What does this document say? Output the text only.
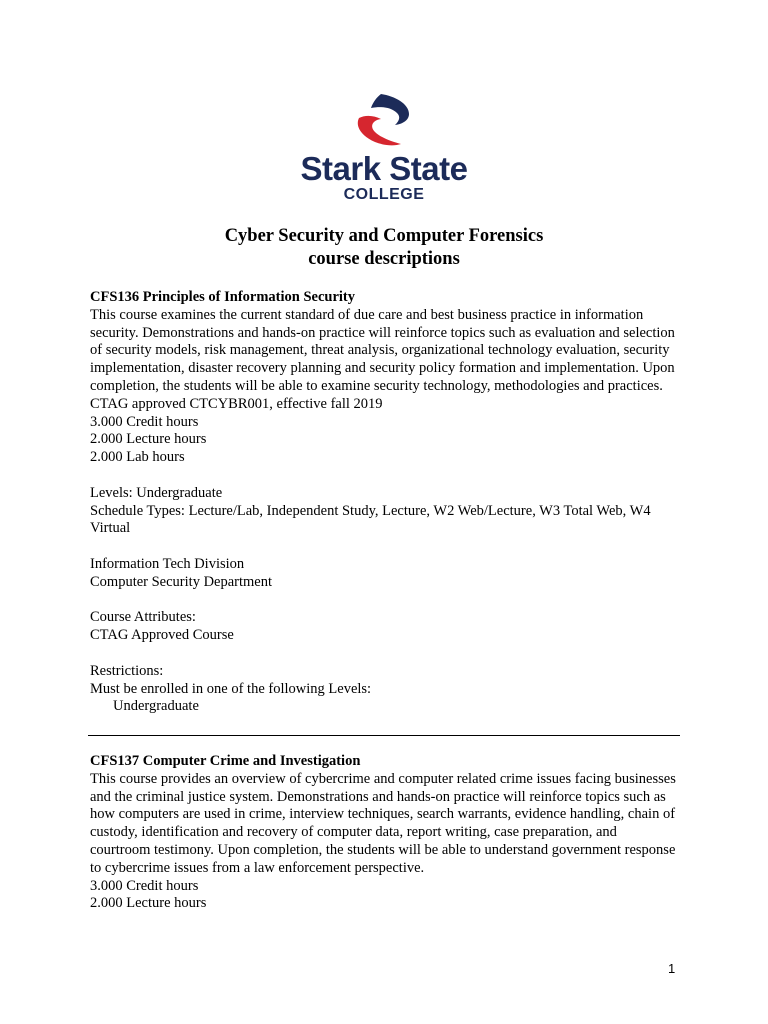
Stark State
COLLEGE
Cyber Security and Computer Forensics
course descriptions
CFS136 Principles of Information Security
This course examines the current standard of due care and best business practice in information security. Demonstrations and hands-on practice will reinforce topics such as evaluation and selection of security models, risk management, threat analysis, organizational technology evaluation, security implementation, disaster recovery planning and security policy formation and implementation. Upon completion, the students will be able to examine security technology, methodologies and practices. CTAG approved CTCYBR001, effective fall 2019
3.000 Credit hours
2.000 Lecture hours
2.000 Lab hours
Levels: Undergraduate
Schedule Types: Lecture/Lab, Independent Study, Lecture, W2 Web/Lecture, W3 Total Web, W4 Virtual
Information Tech Division
Computer Security Department
Course Attributes:
CTAG Approved Course
Restrictions:
Must be enrolled in one of the following Levels:
Undergraduate
CFS137 Computer Crime and Investigation
This course provides an overview of cybercrime and computer related crime issues facing businesses and the criminal justice system. Demonstrations and hands-on practice will reinforce topics such as how computers are used in crime, interview techniques, search warrants, evidence handling, chain of custody, identification and recovery of computer data, report writing, case preparation, and courtroom testimony. Upon completion, the students will be able to understand government response to cybercrime issues from a law enforcement perspective.
3.000 Credit hours
2.000 Lecture hours
1
